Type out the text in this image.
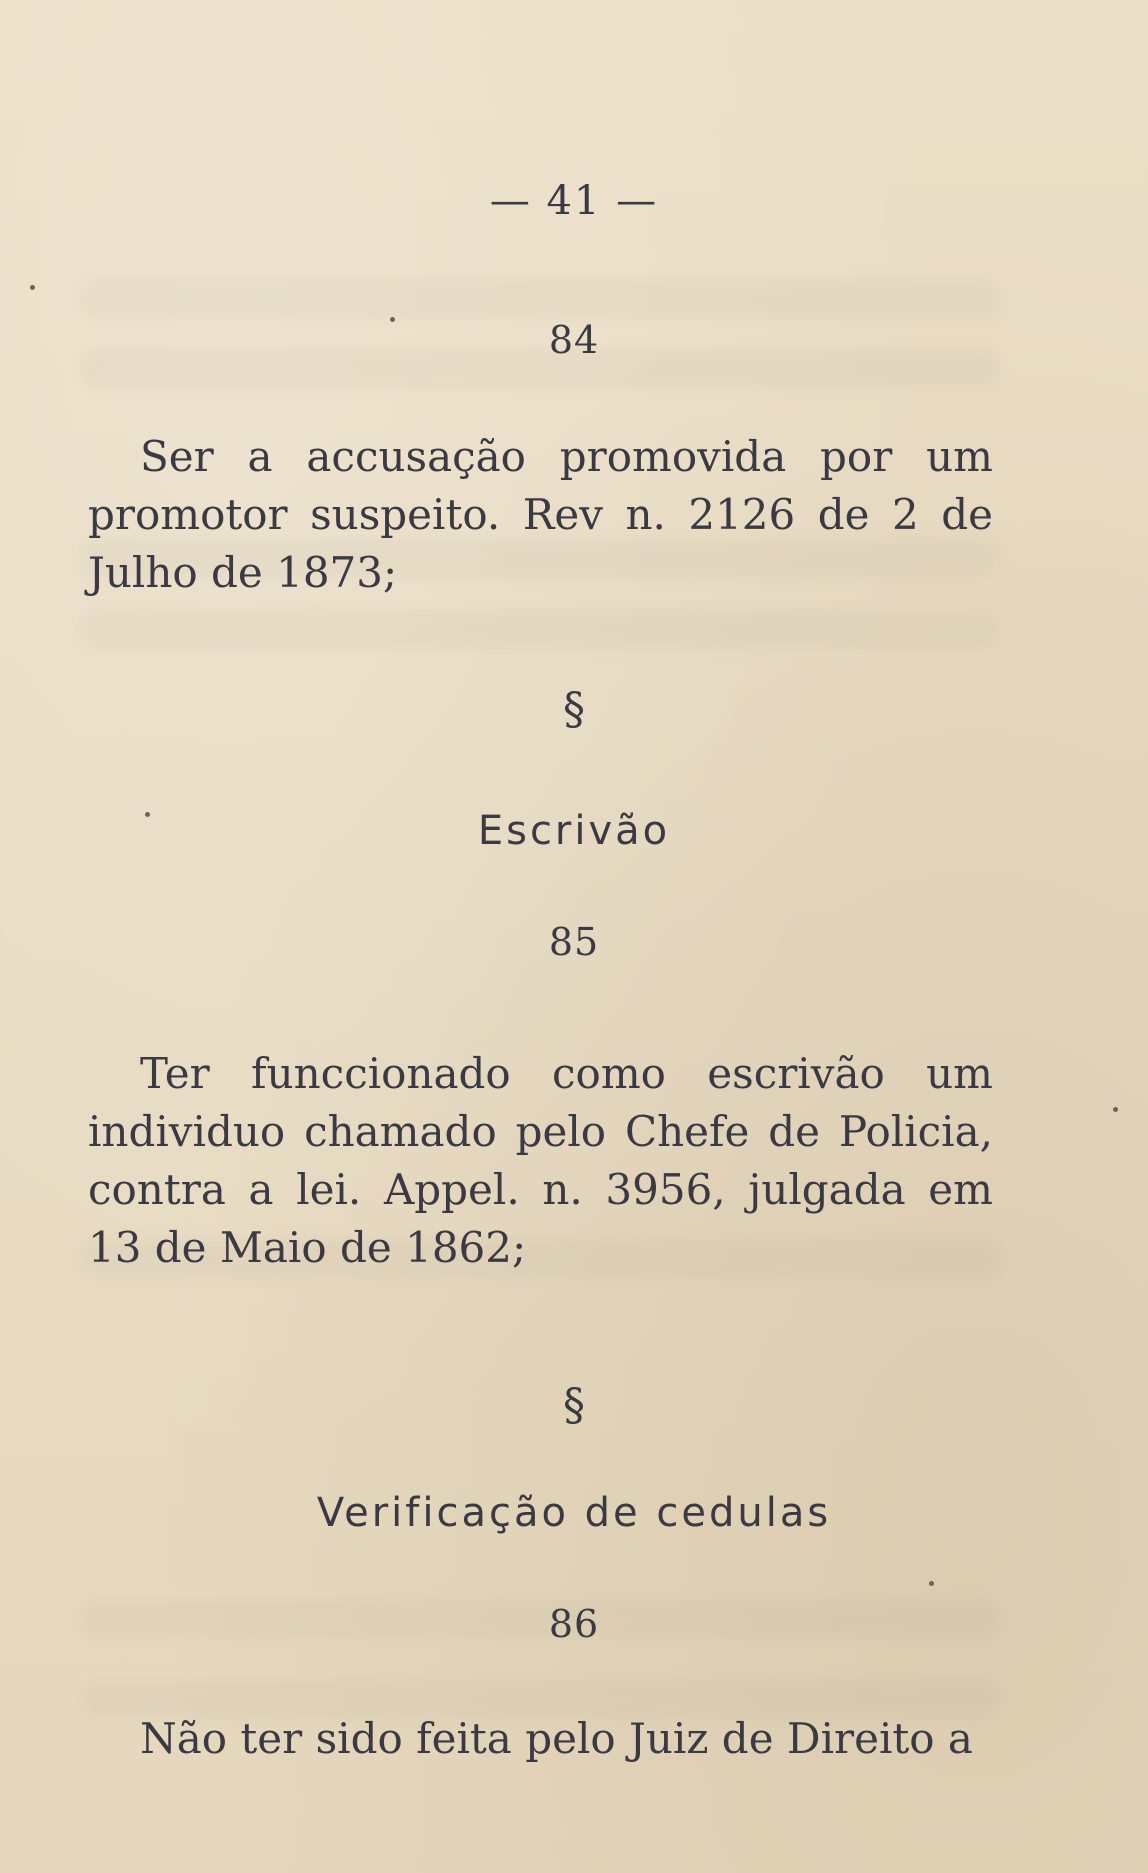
— 41 —
84
Ser a accusação promovida por um promotor suspeito. Rev n. 2126 de 2 de Julho de 1873;
§
Escrivão
85
Ter funccionado como escrivão um individuo chamado pelo Chefe de Policia, contra a lei. Appel. n. 3956, julgada em 13 de Maio de 1862;
§
Verificação de cedulas
86
Não ter sido feita pelo Juiz de Direito a
